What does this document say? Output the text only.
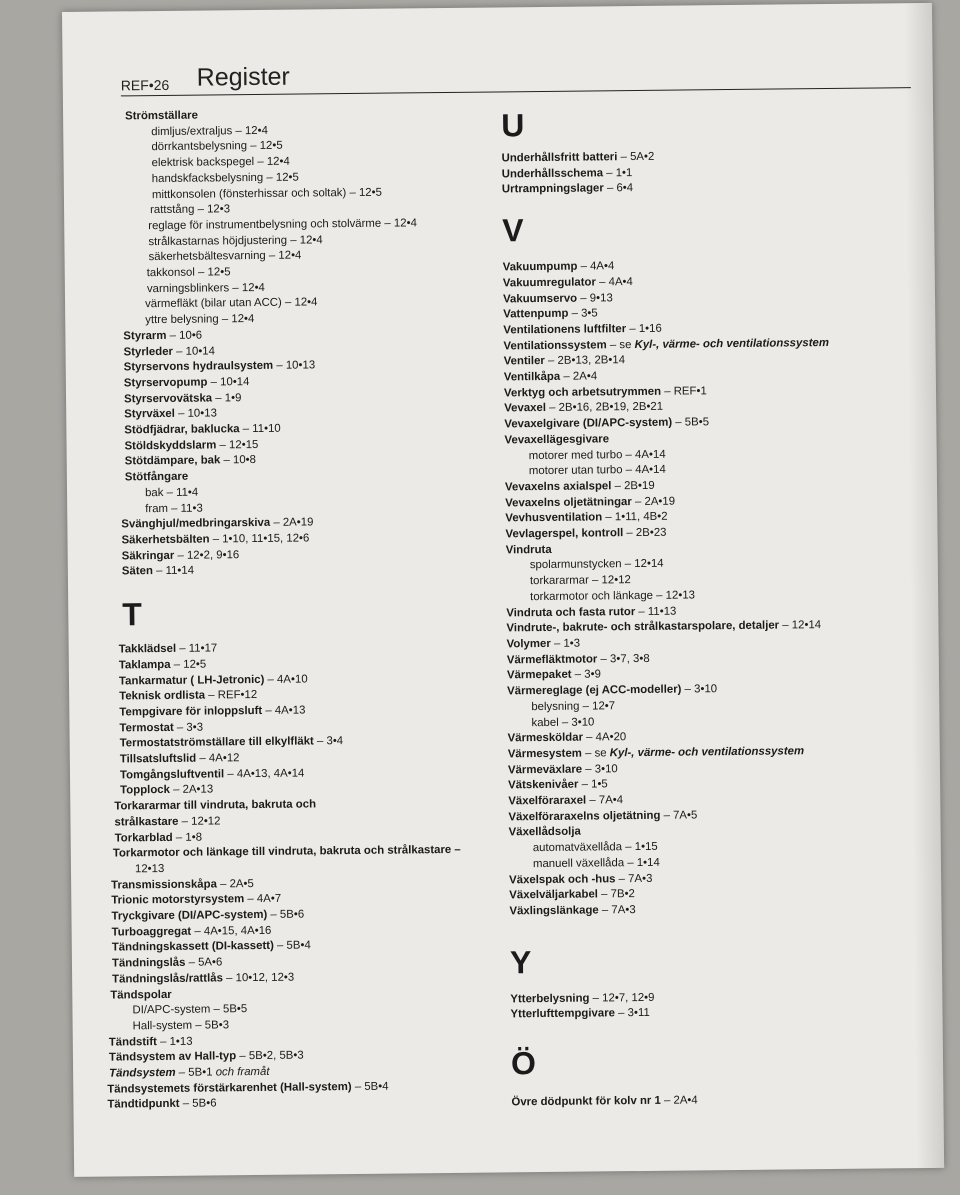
REF•26 Register
Strömställare
dimljus/extraljus – 12•4
dörrkantsbelysning – 12•5
elektrisk backspegel – 12•4
handskfacksbelysning – 12•5
mittkonsolen (fönsterhissar och soltak) – 12•5
rattstång – 12•3
reglage för instrumentbelysning och stolvärme – 12•4
strålkastarnas höjdjustering – 12•4
säkerhetsbältesvarning – 12•4
takkonsol – 12•5
varningsblinkers – 12•4
värmefläkt (bilar utan ACC) – 12•4
yttre belysning – 12•4
Styrarm – 10•6
Styrleder – 10•14
Styrservons hydraulsystem – 10•13
Styrservopump – 10•14
Styrservovätska – 1•9
Styrväxel – 10•13
Stödfjädrar, baklucka – 11•10
Stöldskyddslarm – 12•15
Stötdämpare, bak – 10•8
Stötfångare
bak – 11•4
fram – 11•3
Svänghjul/medbringarskiva – 2A•19
Säkerhetsbälten – 1•10, 11•15, 12•6
Säkringar – 12•2, 9•16
Säten – 11•14
T
Takklädsel – 11•17
Taklampa – 12•5
Tankarmatur ( LH-Jetronic) – 4A•10
Teknisk ordlista – REF•12
Tempgivare för inloppsluft – 4A•13
Termostat – 3•3
Termostatströmställare till elkylfläkt – 3•4
Tillsatsluftslid – 4A•12
Tomgångsluftventil – 4A•13, 4A•14
Topplock – 2A•13
Torkararmar till vindruta, bakruta och
strålkastare – 12•12
Torkarblad – 1•8
Torkarmotor och länkage till vindruta, bakruta och strålkastare –
12•13
Transmissionskåpa – 2A•5
Trionic motorstyrsystem – 4A•7
Tryckgivare (DI/APC-system) – 5B•6
Turboaggregat – 4A•15, 4A•16
Tändningskassett (DI-kassett) – 5B•4
Tändningslås – 5A•6
Tändningslås/rattlås – 10•12, 12•3
Tändspolar
DI/APC-system – 5B•5
Hall-system – 5B•3
Tändstift – 1•13
Tändsystem av Hall-typ – 5B•2, 5B•3
Tändsystem – 5B•1 och framåt
Tändsystemets förstärkarenhet (Hall-system) – 5B•4
Tändtidpunkt – 5B•6
U
Underhållsfritt batteri – 5A•2
Underhållsschema – 1•1
Urtrampningslager – 6•4
V
Vakuumpump – 4A•4
Vakuumregulator – 4A•4
Vakuumservo – 9•13
Vattenpump – 3•5
Ventilationens luftfilter – 1•16
Ventilationssystem – se Kyl-, värme- och ventilationssystem
Ventiler – 2B•13, 2B•14
Ventilkåpa – 2A•4
Verktyg och arbetsutrymmen – REF•1
Vevaxel – 2B•16, 2B•19, 2B•21
Vevaxelgivare (DI/APC-system) – 5B•5
Vevaxellägesgivare
motorer med turbo – 4A•14
motorer utan turbo – 4A•14
Vevaxelns axialspel – 2B•19
Vevaxelns oljetätningar – 2A•19
Vevhusventilation – 1•11, 4B•2
Vevlagerspel, kontroll – 2B•23
Vindruta
spolarmunstycken – 12•14
torkararmar – 12•12
torkarmotor och länkage – 12•13
Vindruta och fasta rutor – 11•13
Vindrute-, bakrute- och strålkastarspolare, detaljer – 12•14
Volymer – 1•3
Värmefläktmotor – 3•7, 3•8
Värmepaket – 3•9
Värmereglage (ej ACC-modeller) – 3•10
belysning – 12•7
kabel – 3•10
Värmesköldar – 4A•20
Värmesystem – se Kyl-, värme- och ventilationssystem
Värmeväxlare – 3•10
Vätskenivåer – 1•5
Växelföraraxel – 7A•4
Växelföraraxelns oljetätning – 7A•5
Växellådsolja
automatväxellåda – 1•15
manuell växellåda – 1•14
Växelspak och -hus – 7A•3
Växelväljarkabel – 7B•2
Växlingslänkage – 7A•3
Y
Ytterbelysning – 12•7, 12•9
Ytterlufttempgivare – 3•11
Ö
Övre dödpunkt för kolv nr 1 – 2A•4
